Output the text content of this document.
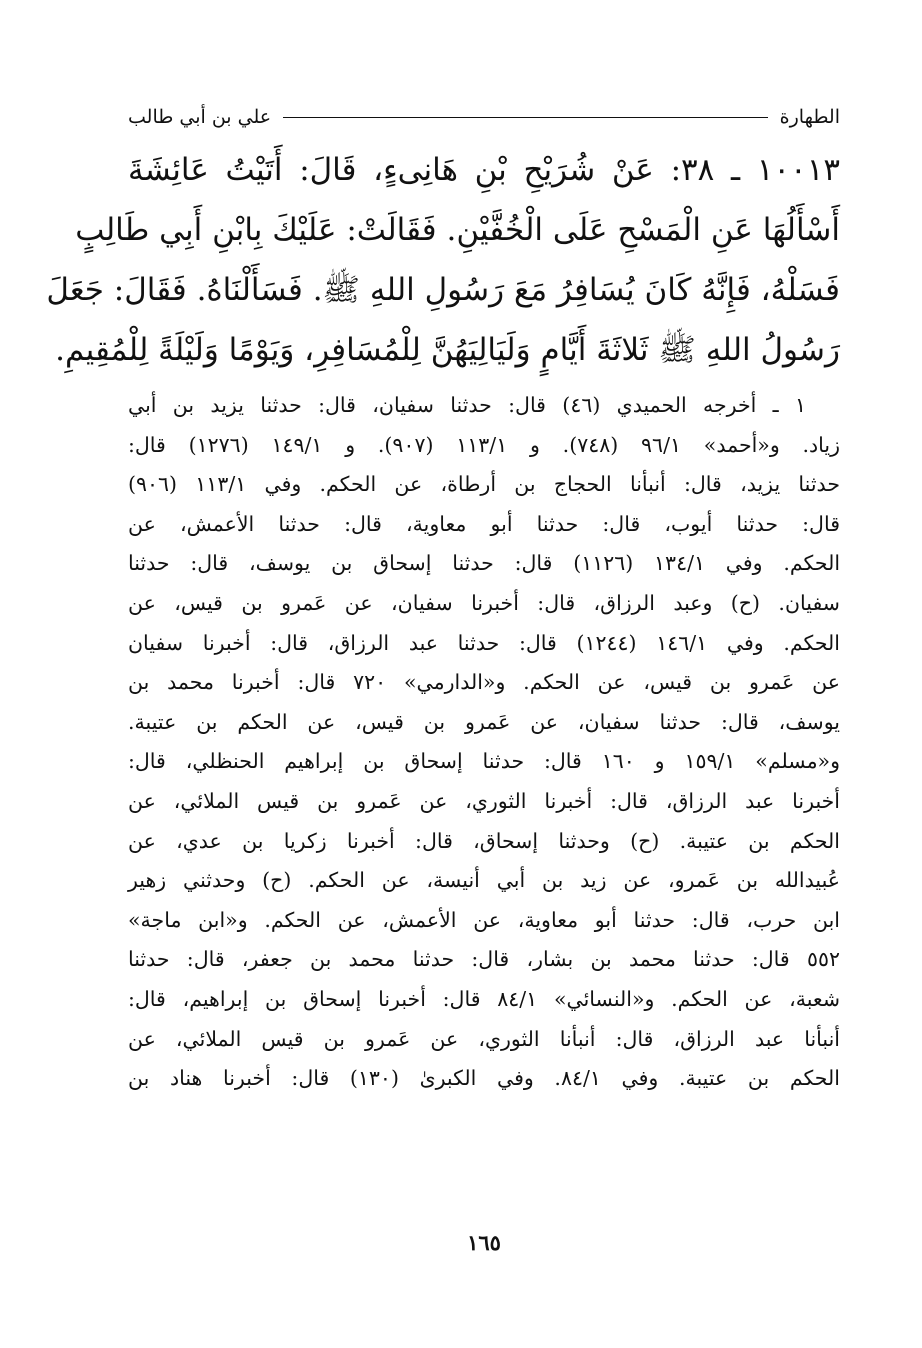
الطهارة
علي بن أبي طالب
١٠٠١٣ ـ ٣٨: عَنْ شُرَيْحِ بْنِ هَانِىءٍ، قَالَ: أَتَيْتُ عَائِشَةَ
أَسْأَلُهَا عَنِ الْمَسْحِ عَلَى الْخُفَّيْنِ. فَقَالَتْ: عَلَيْكَ بِابْنِ أَبِي طَالِبٍ
فَسَلْهُ، فَإِنَّهُ كَانَ يُسَافِرُ مَعَ رَسُولِ اللهِ ﷺ. فَسَأَلْنَاهُ. فَقَالَ: جَعَلَ
رَسُولُ اللهِ ﷺ ثَلاثَةَ أَيَّامٍ وَلَيَالِيَهُنَّ لِلْمُسَافِرِ، وَيَوْمًا وَلَيْلَةً لِلْمُقِيمِ.
١ ـ أخرجه الحميدي (٤٦) قال: حدثنا سفيان، قال: حدثنا يزيد بن أبي
زياد. و«أحمد» ٩٦/١ (٧٤٨). و ١١٣/١ (٩٠٧). و ١٤٩/١ (١٢٧٦) قال:
حدثنا يزيد، قال: أنبأنا الحجاج بن أرطاة، عن الحكم. وفي ١١٣/١ (٩٠٦)
قال: حدثنا أيوب، قال: حدثنا أبو معاوية، قال: حدثنا الأعمش، عن
الحكم. وفي ١٣٤/١ (١١٢٦) قال: حدثنا إسحاق بن يوسف، قال: حدثنا
سفيان. (ح) وعبد الرزاق، قال: أخبرنا سفيان، عن عَمرو بن قيس، عن
الحكم. وفي ١٤٦/١ (١٢٤٤) قال: حدثنا عبد الرزاق، قال: أخبرنا سفيان
عن عَمرو بن قيس، عن الحكم. و«الدارمي» ٧٢٠ قال: أخبرنا محمد بن
يوسف، قال: حدثنا سفيان، عن عَمرو بن قيس، عن الحكم بن عتيبة.
و«مسلم» ١٥٩/١ و ١٦٠ قال: حدثنا إسحاق بن إبراهيم الحنظلي، قال:
أخبرنا عبد الرزاق، قال: أخبرنا الثوري، عن عَمرو بن قيس الملائي، عن
الحكم بن عتيبة. (ح) وحدثنا إسحاق، قال: أخبرنا زكريا بن عدي، عن
عُبيدالله بن عَمرو، عن زيد بن أبي أنيسة، عن الحكم. (ح) وحدثني زهير
ابن حرب، قال: حدثنا أبو معاوية، عن الأعمش، عن الحكم. و«ابن ماجة»
٥٥٢ قال: حدثنا محمد بن بشار، قال: حدثنا محمد بن جعفر، قال: حدثنا
شعبة، عن الحكم. و«النسائي» ٨٤/١ قال: أخبرنا إسحاق بن إبراهيم، قال:
أنبأنا عبد الرزاق، قال: أنبأنا الثوري، عن عَمرو بن قيس الملائي، عن
الحكم بن عتيبة. وفي ٨٤/١. وفي الكبرىٰ (١٣٠) قال: أخبرنا هناد بن
١٦٥
